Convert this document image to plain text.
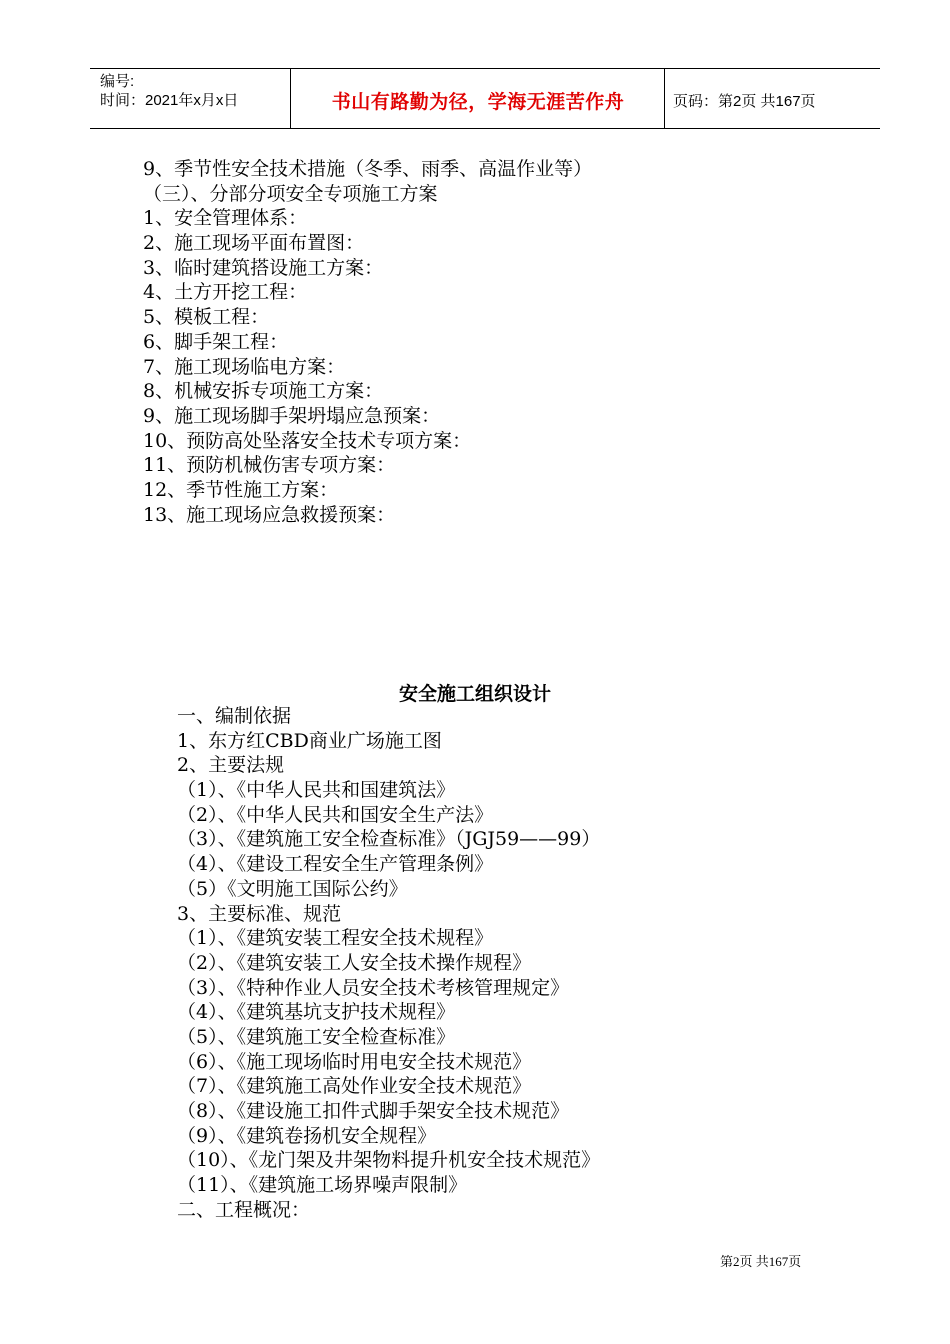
编号:
时间：2021年x月x日	书山有路勤为径，学海无涯苦作舟	页码：第2页 共167页
9、季节性安全技术措施（冬季、雨季、高温作业等）
（三）、分部分项安全专项施工方案
1、安全管理体系：
2、施工现场平面布置图：
3、临时建筑搭设施工方案：
4、土方开挖工程：
5、模板工程：
6、脚手架工程：
7、施工现场临电方案：
8、机械安拆专项施工方案：
9、施工现场脚手架坍塌应急预案：
10、预防高处坠落安全技术专项方案：
11、预防机械伤害专项方案：
12、季节性施工方案：
13、施工现场应急救援预案：
安全施工组织设计
一、编制依据
1、东方红CBD商业广场施工图
2、主要法规
（1）、《中华人民共和国建筑法》
（2）、《中华人民共和国安全生产法》
（3）、《建筑施工安全检查标准》（JGJ59——99）
（4）、《建设工程安全生产管理条例》
（5）《文明施工国际公约》
3、主要标准、规范
（1）、《建筑安装工程安全技术规程》
（2）、《建筑安装工人安全技术操作规程》
（3）、《特种作业人员安全技术考核管理规定》
（4）、《建筑基坑支护技术规程》
（5）、《建筑施工安全检查标准》
（6）、《施工现场临时用电安全技术规范》
（7）、《建筑施工高处作业安全技术规范》
（8）、《建设施工扣件式脚手架安全技术规范》
（9）、《建筑卷扬机安全规程》
（10）、《龙门架及井架物料提升机安全技术规范》
（11）、《建筑施工场界噪声限制》
二、工程概况：
第2页 共167页
